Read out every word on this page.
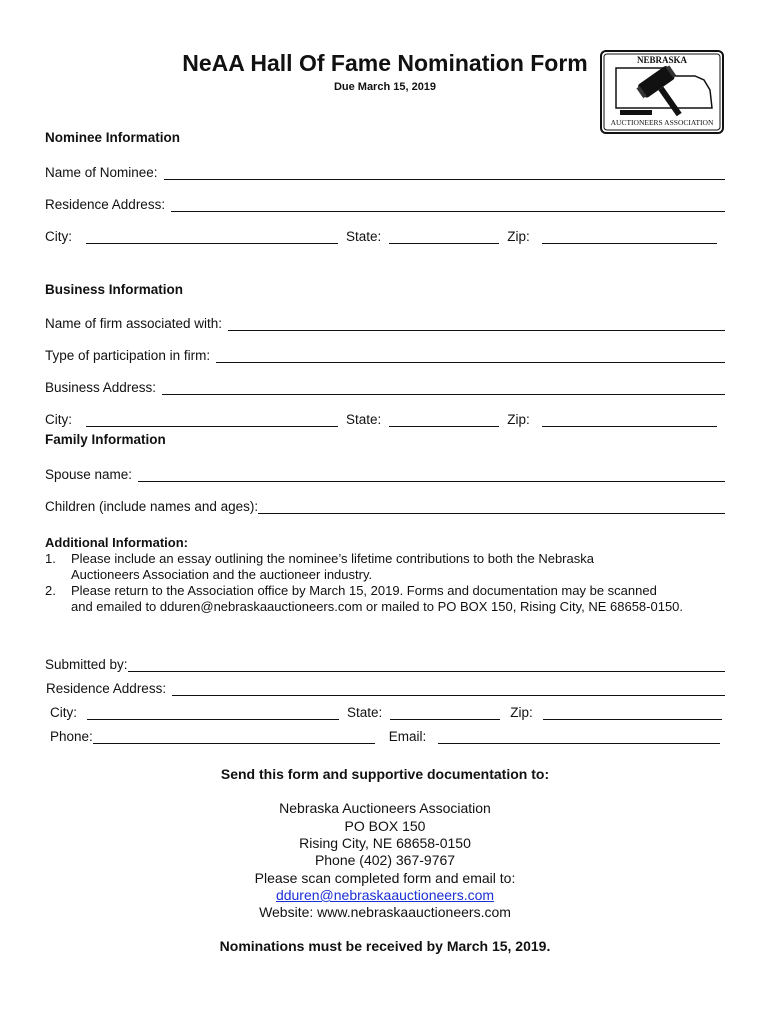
NeAA Hall Of Fame Nomination Form
Due March 15, 2019
NEBRASKA
AUCTIONEERS ASSOCIATION
Nominee Information
Name of Nominee:
Residence Address:
City:	State:	Zip:
Business Information
Name of firm associated with:
Type of participation in firm:
Business Address:
City:	State:	Zip:
Family Information
Spouse name:
Children (include names and ages):
Additional Information:
1. Please include an essay outlining the nominee’s lifetime contributions to both the Nebraska
Auctioneers Association and the auctioneer industry.
2. Please return to the Association office by March 15, 2019. Forms and documentation may be scanned
and emailed to dduren@nebraskaauctioneers.com or mailed to PO BOX 150, Rising City, NE 68658-0150.
Submitted by:
Residence Address:
City:	State:	Zip:
Phone:	Email:
Send this form and supportive documentation to:
Nebraska Auctioneers Association
PO BOX 150
Rising City, NE 68658-0150
Phone (402) 367-9767
Please scan completed form and email to:
dduren@nebraskaauctioneers.com
Website: www.nebraskaauctioneers.com
Nominations must be received by March 15, 2019.
